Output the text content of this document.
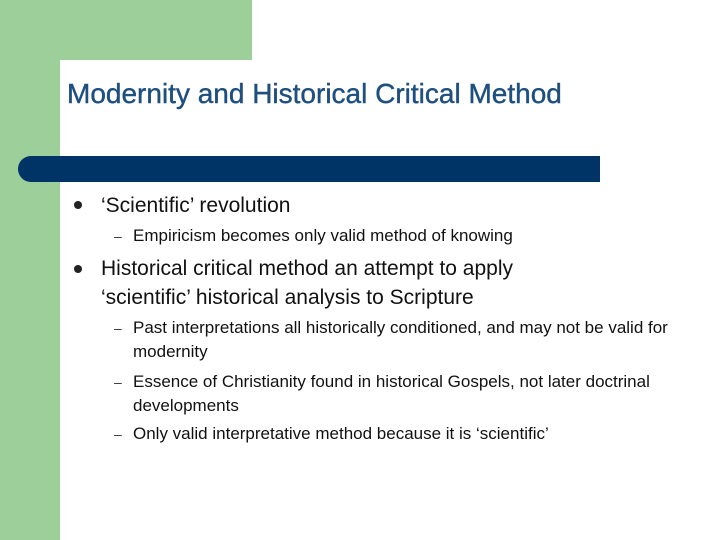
Modernity and Historical Critical Method
‘Scientific’ revolution
– Empiricism becomes only valid method of knowing
Historical critical method an attempt to apply ‘scientific’ historical analysis to Scripture
– Past interpretations all historically conditioned, and may not be valid for modernity
– Essence of Christianity found in historical Gospels, not later doctrinal developments
– Only valid interpretative method because it is ‘scientific’
